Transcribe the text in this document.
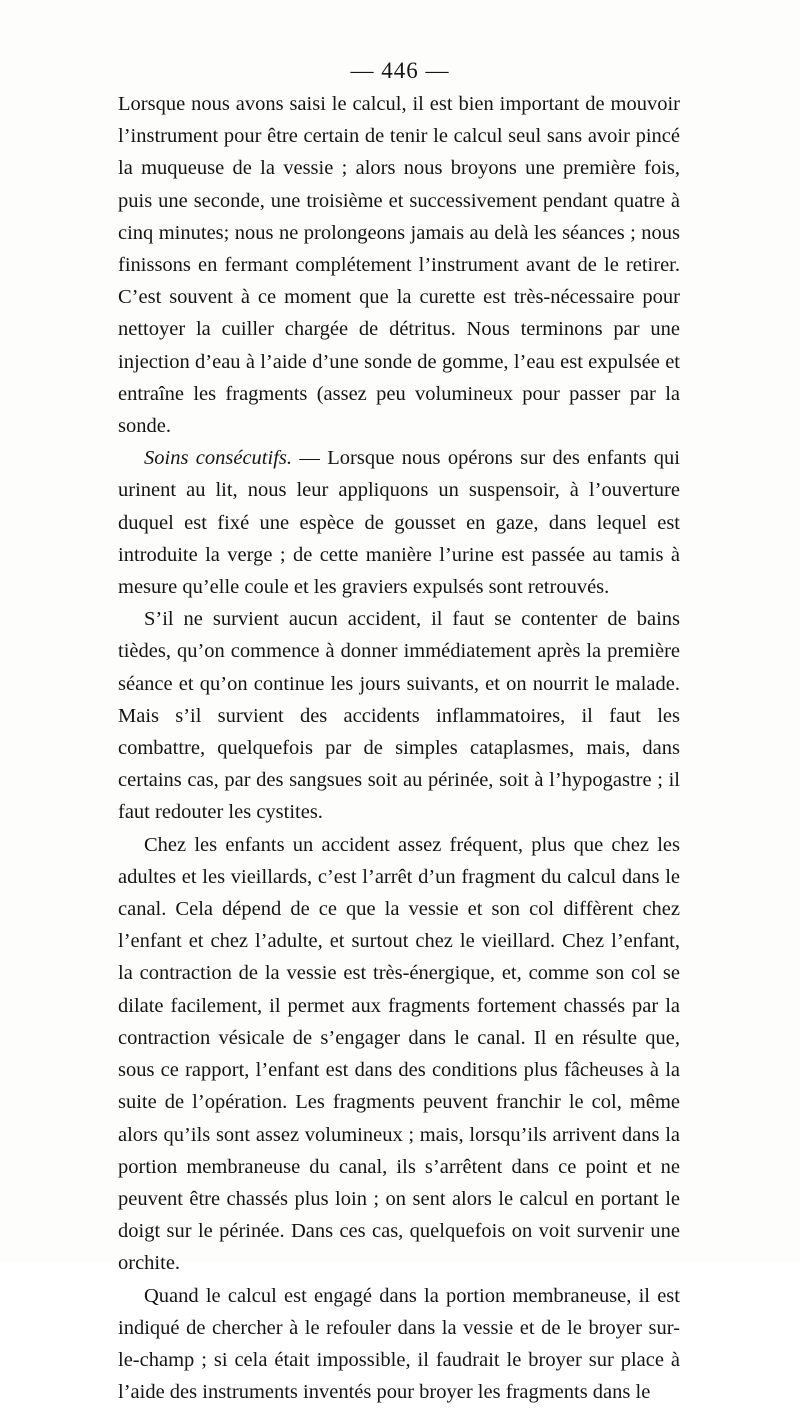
— 446 —

Lorsque nous avons saisi le calcul, il est bien important de mouvoir l’instrument pour être certain de tenir le calcul seul sans avoir pincé la muqueuse de la vessie ; alors nous broyons une première fois, puis une seconde, une troisième et successivement pendant quatre à cinq minutes; nous ne prolongeons jamais au delà les séances ; nous finissons en fermant complétement l’instrument avant de le retirer. C’est souvent à ce moment que la curette est très-nécessaire pour nettoyer la cuiller chargée de détritus. Nous terminons par une injection d’eau à l’aide d’une sonde de gomme, l’eau est expulsée et entraîne les fragments (assez peu volumineux pour passer par la sonde.

Soins consécutifs. — Lorsque nous opérons sur des enfants qui urinent au lit, nous leur appliquons un suspensoir, à l’ouverture duquel est fixé une espèce de gousset en gaze, dans lequel est introduite la verge ; de cette manière l’urine est passée au tamis à mesure qu’elle coule et les graviers expulsés sont retrouvés.

S’il ne survient aucun accident, il faut se contenter de bains tièdes, qu’on commence à donner immédiatement après la première séance et qu’on continue les jours suivants, et on nourrit le malade. Mais s’il survient des accidents inflammatoires, il faut les combattre, quelquefois par de simples cataplasmes, mais, dans certains cas, par des sangsues soit au périnée, soit à l’hypogastre ; il faut redouter les cystites.

Chez les enfants un accident assez fréquent, plus que chez les adultes et les vieillards, c’est l’arrêt d’un fragment du calcul dans le canal. Cela dépend de ce que la vessie et son col diffèrent chez l’enfant et chez l’adulte, et surtout chez le vieillard. Chez l’enfant, la contraction de la vessie est très-énergique, et, comme son col se dilate facilement, il permet aux fragments fortement chassés par la contraction vésicale de s’engager dans le canal. Il en résulte que, sous ce rapport, l’enfant est dans des conditions plus fâcheuses à la suite de l’opération. Les fragments peuvent franchir le col, même alors qu’ils sont assez volumineux ; mais, lorsqu’ils arrivent dans la portion membraneuse du canal, ils s’arrêtent dans ce point et ne peuvent être chassés plus loin ; on sent alors le calcul en portant le doigt sur le périnée. Dans ces cas, quelquefois on voit survenir une orchite.

Quand le calcul est engagé dans la portion membraneuse, il est indiqué de chercher à le refouler dans la vessie et de le broyer sur-le-champ ; si cela était impossible, il faudrait le broyer sur place à l’aide des instruments inventés pour broyer les fragments dans le
